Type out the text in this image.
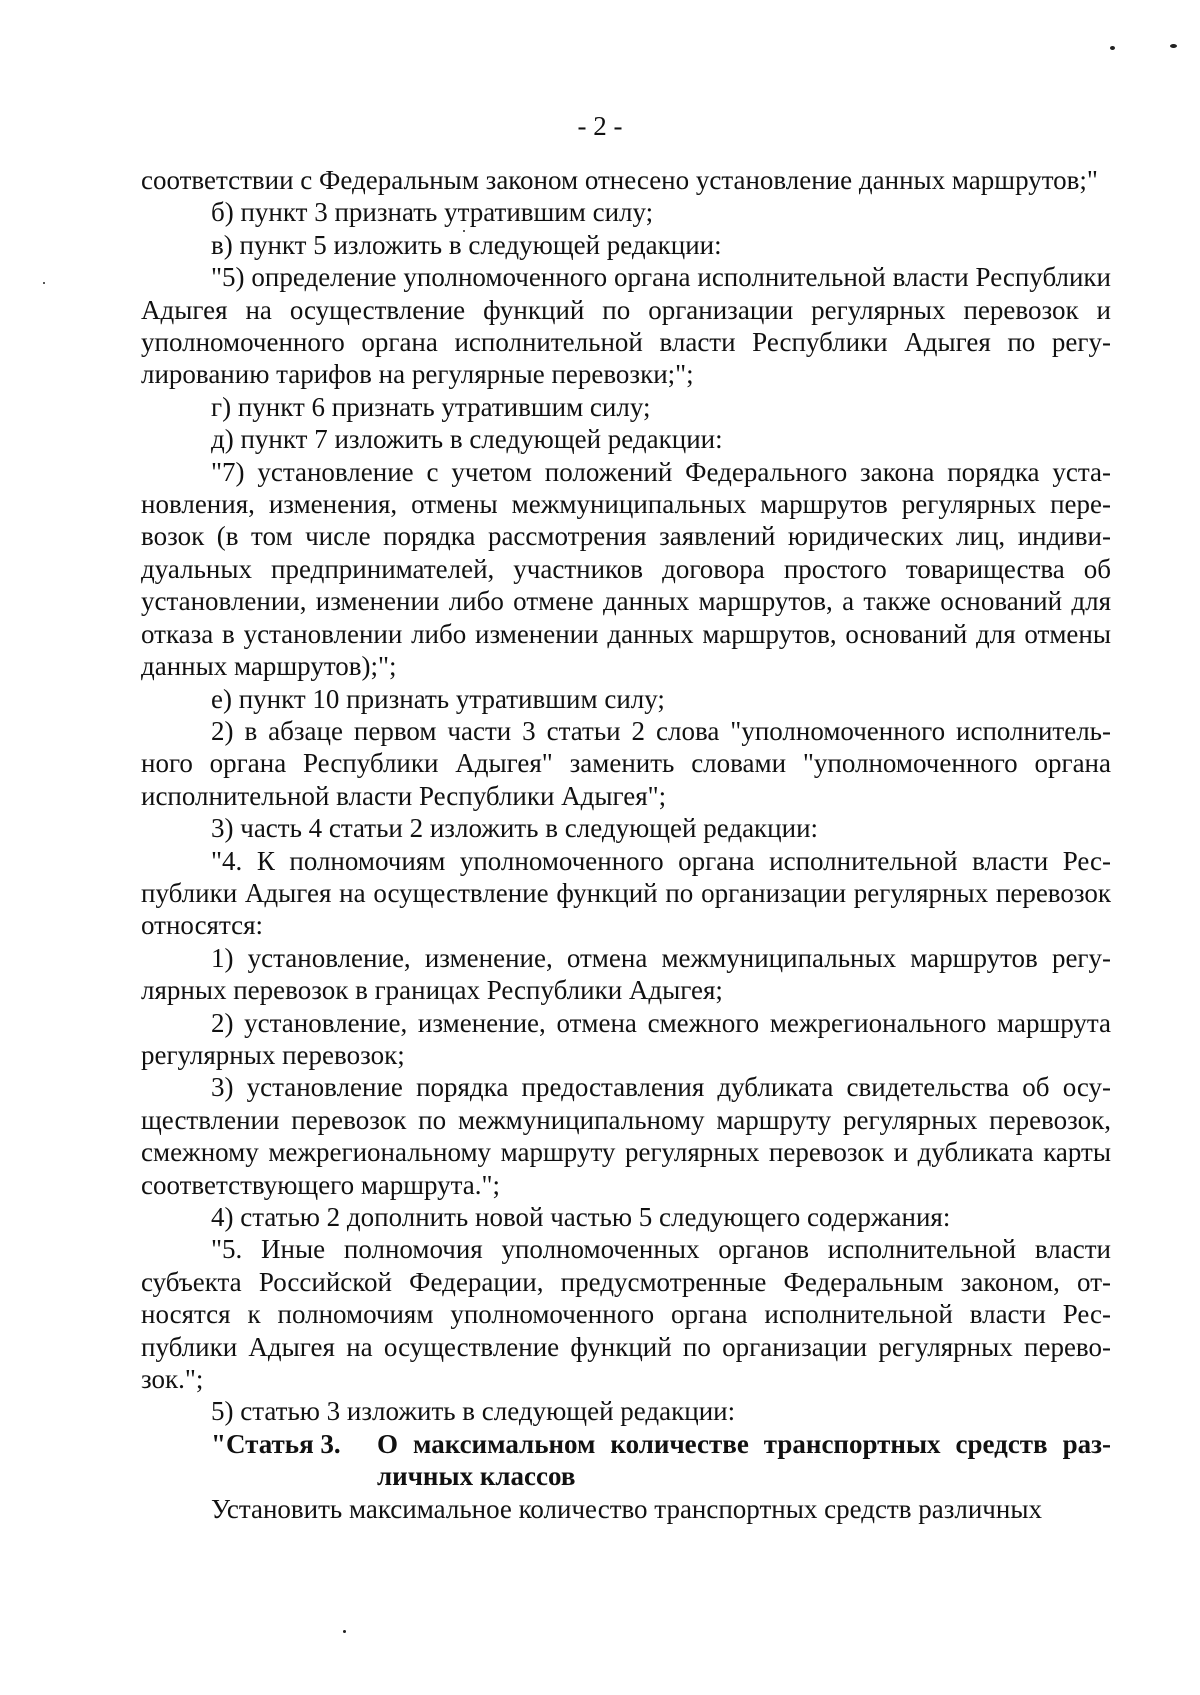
- 2 -

соответствии с Федеральным законом отнесено установление данных маршрутов;"

б) пункт 3 признать утратившим силу;

в) пункт 5 изложить в следующей редакции:

"5) определение уполномоченного органа исполнительной власти Республики Адыгея на осуществление функций по организации регулярных перевозок и уполномоченного органа исполнительной власти Республики Адыгея по регулированию тарифов на регулярные перевозки;";

г) пункт 6 признать утратившим силу;

д) пункт 7 изложить в следующей редакции:

"7) установление с учетом положений Федерального закона порядка установления, изменения, отмены межмуниципальных маршрутов регулярных перевозок (в том числе порядка рассмотрения заявлений юридических лиц, индивидуальных предпринимателей, участников договора простого товарищества об установлении, изменении либо отмене данных маршрутов, а также оснований для отказа в установлении либо изменении данных маршрутов, оснований для отмены данных маршрутов);";

е) пункт 10 признать утратившим силу;

2) в абзаце первом части 3 статьи 2 слова "уполномоченного исполнительного органа Республики Адыгея" заменить словами "уполномоченного органа исполнительной власти Республики Адыгея";

3) часть 4 статьи 2 изложить в следующей редакции:

"4. К полномочиям уполномоченного органа исполнительной власти Республики Адыгея на осуществление функций по организации регулярных перевозок относятся:

1) установление, изменение, отмена межмуниципальных маршрутов регулярных перевозок в границах Республики Адыгея;

2) установление, изменение, отмена смежного межрегионального маршрута регулярных перевозок;

3) установление порядка предоставления дубликата свидетельства об осуществлении перевозок по межмуниципальному маршруту регулярных перевозок, смежному межрегиональному маршруту регулярных перевозок и дубликата карты соответствующего маршрута.";

4) статью 2 дополнить новой частью 5 следующего содержания:

"5. Иные полномочия уполномоченных органов исполнительной власти субъекта Российской Федерации, предусмотренные Федеральным законом, относятся к полномочиям уполномоченного органа исполнительной власти Республики Адыгея на осуществление функций по организации регулярных перевозок.";

5) статью 3 изложить в следующей редакции:

"Статья 3.	О максимальном количестве транспортных средств различных классов

Установить максимальное количество транспортных средств различных
